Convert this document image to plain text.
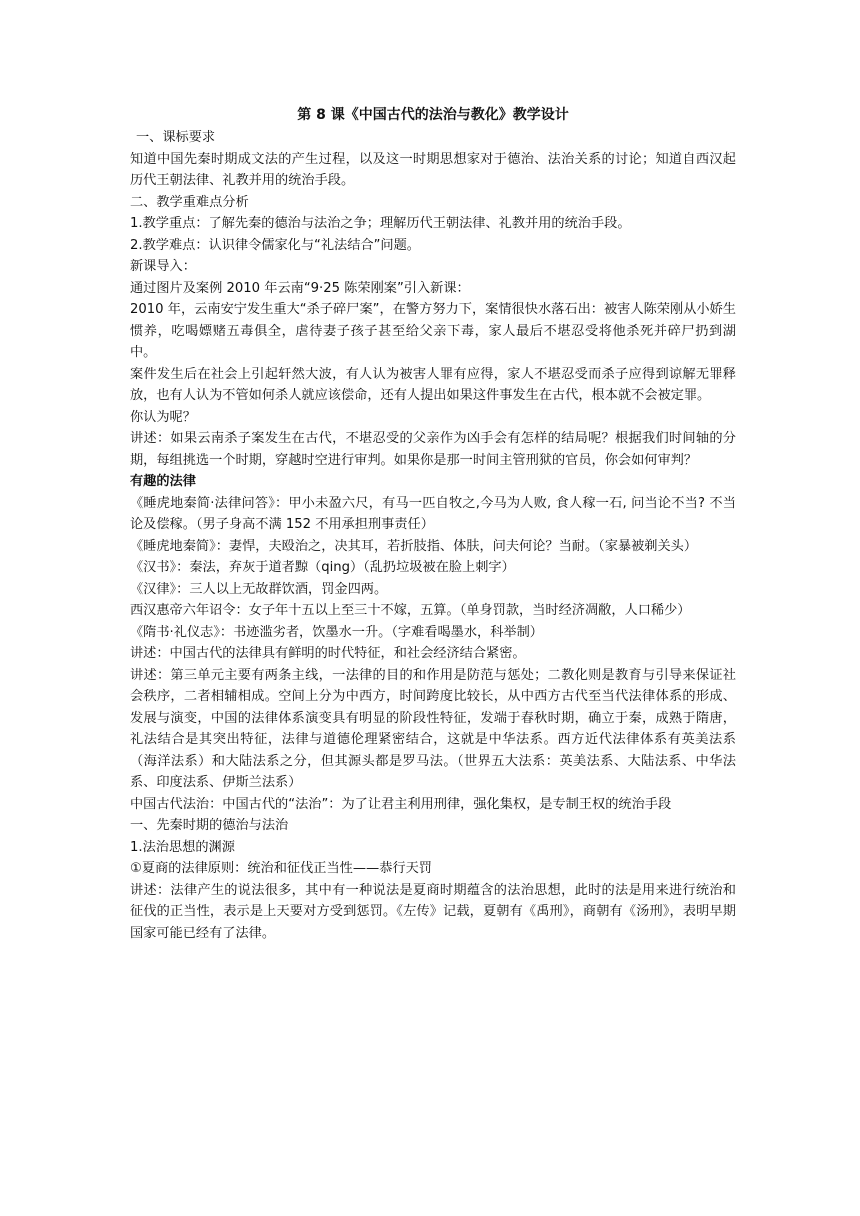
第 8 课《中国古代的法治与教化》教学设计

一、课标要求

知道中国先秦时期成文法的产生过程，以及这一时期思想家对于德治、法治关系的讨论；知道自西汉起历代王朝法律、礼教并用的统治手段。

二、教学重难点分析

1.教学重点：了解先秦的德治与法治之争；理解历代王朝法律、礼教并用的统治手段。

2.教学难点：认识律令儒家化与“礼法结合”问题。

新课导入：

通过图片及案例 2010 年云南“9·25 陈荣刚案”引入新课：

2010 年，云南安宁发生重大“杀子碎尸案”，在警方努力下，案情很快水落石出：被害人陈荣刚从小娇生惯养，吃喝嫖赌五毒俱全，虐待妻子孩子甚至给父亲下毒，家人最后不堪忍受将他杀死并碎尸扔到湖中。

案件发生后在社会上引起轩然大波，有人认为被害人罪有应得，家人不堪忍受而杀子应得到谅解无罪释放，也有人认为不管如何杀人就应该偿命，还有人提出如果这件事发生在古代，根本就不会被定罪。

你认为呢？

讲述：如果云南杀子案发生在古代，不堪忍受的父亲作为凶手会有怎样的结局呢？根据我们时间轴的分期，每组挑选一个时期，穿越时空进行审判。如果你是那一时间主管刑狱的官员，你会如何审判？

有趣的法律

《睡虎地秦简·法律问答》：甲小未盈六尺，有马一匹自牧之,今马为人败, 食人稼一石, 问当论不当? 不当论及偿稼。（男子身高不满 152 不用承担刑事责任）

《睡虎地秦简》：妻悍，夫殴治之，决其耳，若折肢指、体肤，问夫何论？当耐。（家暴被剃关头）

《汉书》：秦法，弃灰于道者黥（qing）（乱扔垃圾被在脸上刺字）

《汉律》：三人以上无故群饮酒，罚金四两。

西汉惠帝六年诏令：女子年十五以上至三十不嫁，五算。（单身罚款，当时经济凋敝，人口稀少）

《隋书·礼仪志》：书迹滥劣者，饮墨水一升。（字难看喝墨水，科举制）

讲述：中国古代的法律具有鲜明的时代特征，和社会经济结合紧密。

讲述：第三单元主要有两条主线，一法律的目的和作用是防范与惩处；二教化则是教育与引导来保证社会秩序，二者相辅相成。空间上分为中西方，时间跨度比较长，从中西方古代至当代法律体系的形成、发展与演变，中国的法律体系演变具有明显的阶段性特征，发端于春秋时期，确立于秦，成熟于隋唐，礼法结合是其突出特征，法律与道德伦理紧密结合，这就是中华法系。西方近代法律体系有英美法系（海洋法系）和大陆法系之分，但其源头都是罗马法。（世界五大法系：英美法系、大陆法系、中华法系、印度法系、伊斯兰法系）

中国古代法治：中国古代的“法治”：为了让君主利用刑律，强化集权，是专制王权的统治手段

一、先秦时期的德治与法治

1.法治思想的渊源

①夏商的法律原则：统治和征伐正当性——恭行天罚

讲述：法律产生的说法很多，其中有一种说法是夏商时期蕴含的法治思想，此时的法是用来进行统治和征伐的正当性，表示是上天要对方受到惩罚。《左传》记载，夏朝有《禹刑》，商朝有《汤刑》，表明早期国家可能已经有了法律。
